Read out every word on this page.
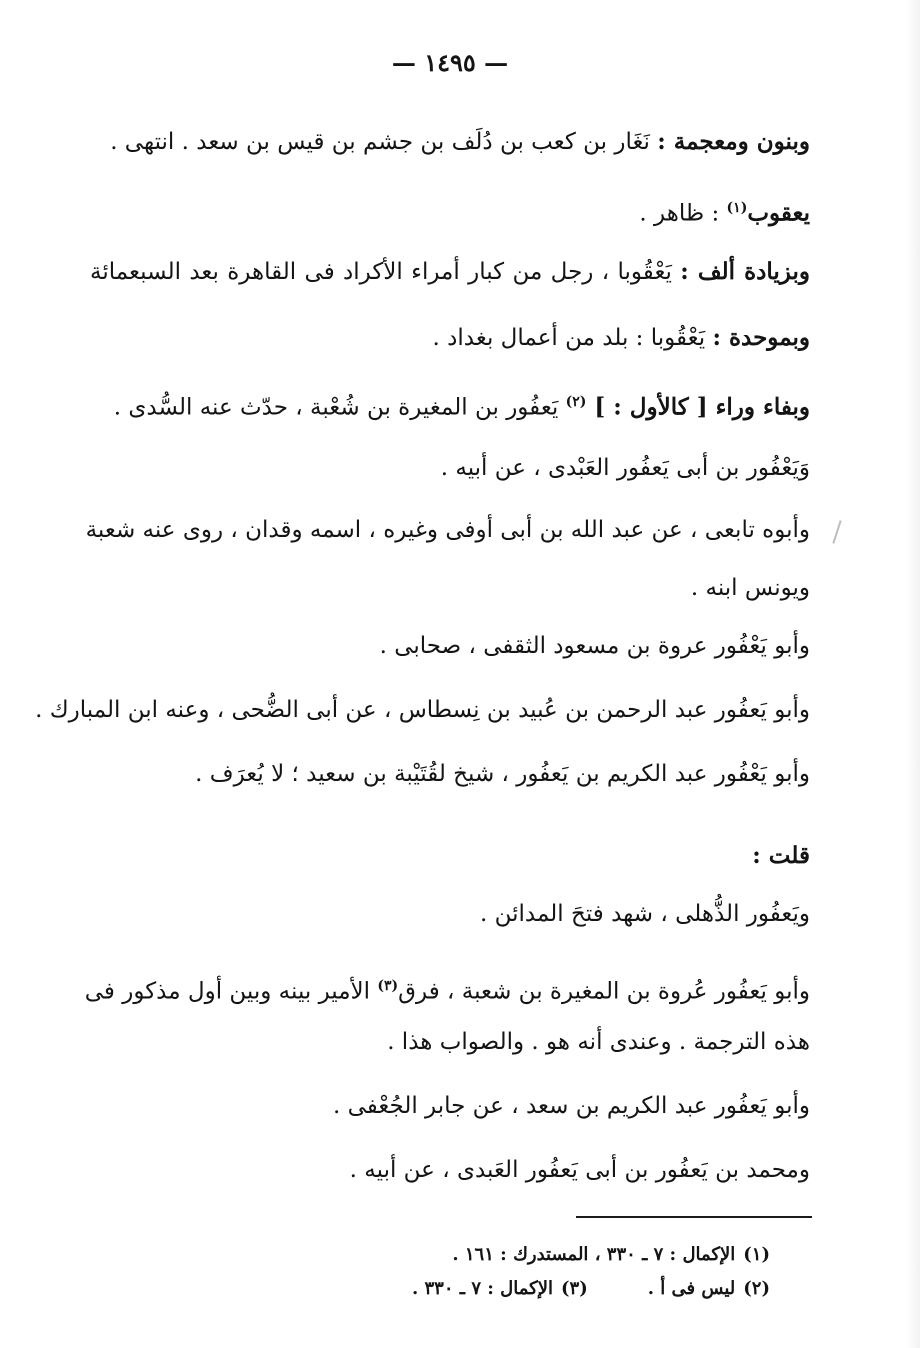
— ١٤٩٥ —
وبنون ومعجمة : نَغَار بن كعب بن دُلَف بن جشم بن قيس بن سعد . انتهى .
يعقوب$^{(١)}$ : ظاهر .
وبزيادة ألف : يَعْقُوبا ، رجل من كبار أمراء الأكراد فى القاهرة بعد السبعمائة
وبموحدة : يَعْقُوبا : بلد من أعمال بغداد .
وبفاء وراء [ كالأول : ] $^{(٢)}$ يَعفُور بن المغيرة بن شُعْبة ، حدّث عنه السُّدى .
وَيَعْفُور بن أبى يَعفُور العَبْدى ، عن أبيه .
وأبوه تابعى ، عن عبد الله بن أبى أوفى وغيره ، اسمه وقدان ، روى عنه شعبة
ويونس ابنه .
وأبو يَعْفُور عروة بن مسعود الثقفى ، صحابى .
وأبو يَعفُور عبد الرحمن بن عُبيد بن نِسطاس ، عن أبى الضُّحى ، وعنه ابن المبارك .
وأبو يَعْفُور عبد الكريم بن يَعفُور ، شيخ لقُتَيْبة بن سعيد ؛ لا يُعرَف .
قلت :
ويَعفُور الذُّهلى ، شهد فتحَ المدائن .
وأبو يَعفُور عُروة بن المغيرة بن شعبة ، فرق$^{(٣)}$ الأمير بينه وبين أول مذكور فى
هذه الترجمة . وعندى أنه هو . والصواب هذا .
وأبو يَعفُور عبد الكريم بن سعد ، عن جابر الجُعْفى .
ومحمد بن يَعفُور بن أبى يَعفُور العَبدى ، عن أبيه .
(١)الإكمال : ٧ ـ ٣٣٠ ، المستدرك : ١٦١ .
(٢)ليس فى أ .(٣)الإكمال : ٧ ـ ٣٣٠ .
